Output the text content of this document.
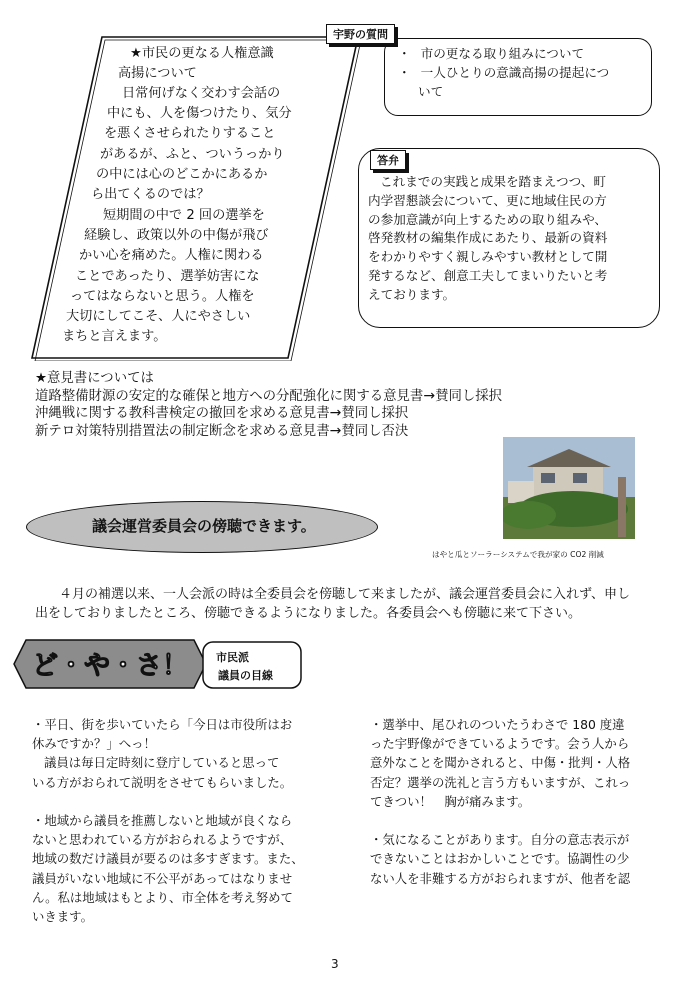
★市民の更なる人権意識
高揚について
日常何げなく交わす会話の
中にも、人を傷つけたり、気分
を悪くさせられたりすること
があるが、ふと、ついうっかり
の中には心のどこかにあるか
ら出てくるのでは？
短期間の中で 2 回の選挙を
経験し、政策以外の中傷が飛び
かい心を痛めた。人権に関わる
ことであったり、選挙妨害にな
ってはならないと思う。人権を
大切にしてこそ、人にやさしい
まちと言えます。
宇野の質問
・ 市の更なる取り組みについて
・ 一人ひとりの意識高揚の提起につ
いて
答弁
これまでの実践と成果を踏まえつつ、町
内学習懇談会について、更に地域住民の方
の参加意識が向上するための取り組みや、
啓発教材の編集作成にあたり、最新の資料
をわかりやすく親しみやすい教材として開
発するなど、創意工夫してまいりたいと考
えております。
★意見書については
道路整備財源の安定的な確保と地方への分配強化に関する意見書→賛同し採択
沖縄戦に関する教科書検定の撤回を求める意見書→賛同し採択
新テロ対策特別措置法の制定断念を求める意見書→賛同し否決
はやと瓜とソーラーシステムで我が家の CO2 削減
議会運営委員会の傍聴できます。
４月の補選以来、一人会派の時は全委員会を傍聴して来ましたが、議会運営委員会に入れず、申し
出をしておりましたところ、傍聴できるようになりました。各委員会へも傍聴に来て下さい。
ど・や・さ！	市民派
議員の目線
・平日、街を歩いていたら「今日は市役所はお
休みですか？」へっ！
議員は毎日定時刻に登庁していると思って
いる方がおられて説明をさせてもらいました。
・地域から議員を推薦しないと地域が良くなら
ないと思われている方がおられるようですが、
地域の数だけ議員が要るのは多すぎます。また、
議員がいない地域に不公平があってはなりませ
ん。私は地域はもとより、市全体を考え努めて
いきます。
・選挙中、尾ひれのついたうわさで 180 度違
った宇野像ができているようです。会う人から
意外なことを聞かされると、中傷・批判・人格
否定？選挙の洗礼と言う方もいますが、これっ
てきつい！　胸が痛みます。
・気になることがあります。自分の意志表示が
できないことはおかしいことです。協調性の少
ない人を非難する方がおられますが、他者を認
3
